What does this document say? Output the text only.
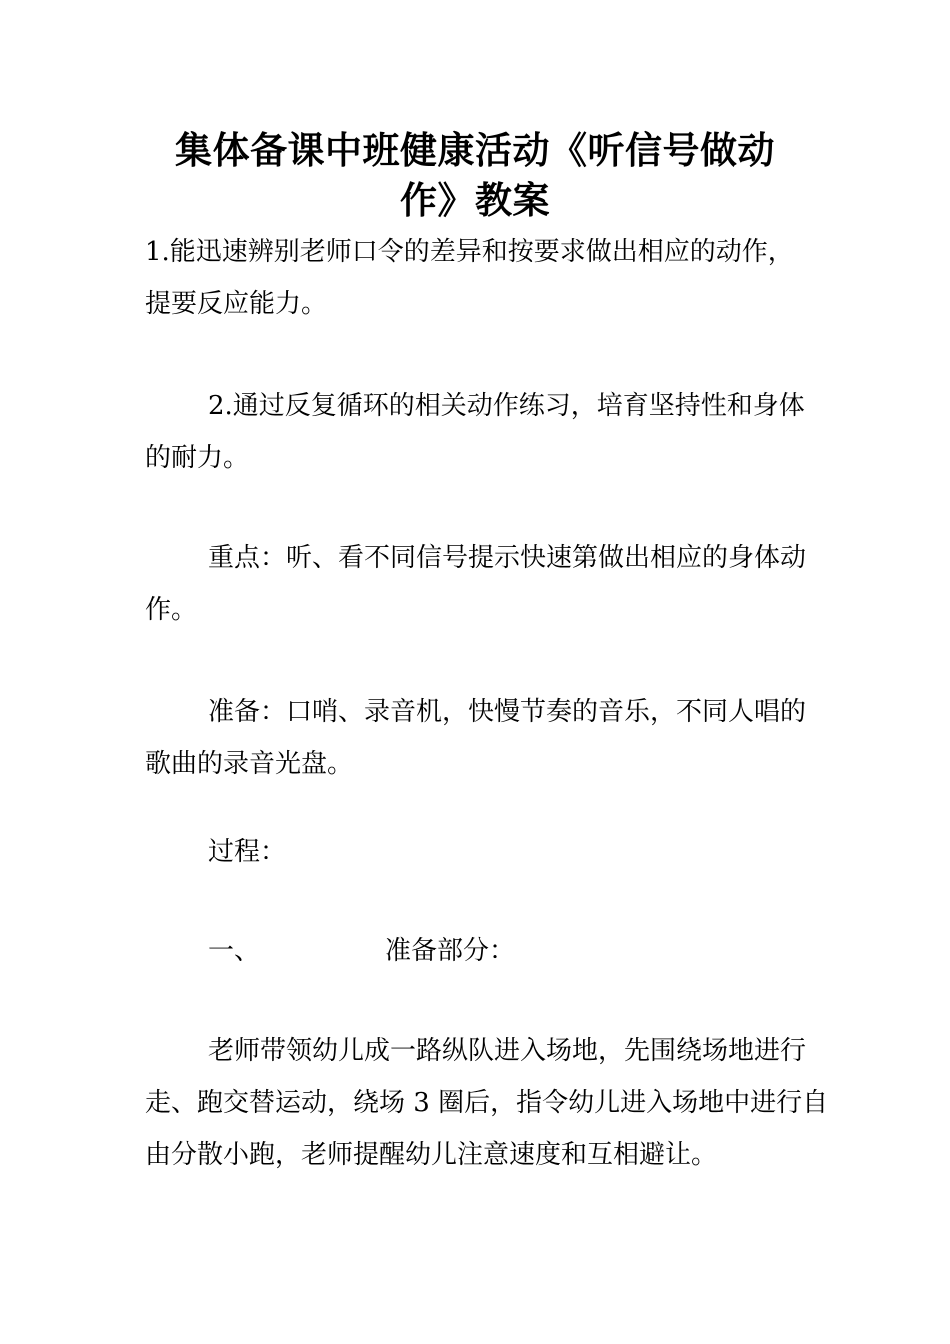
集体备课中班健康活动《听信号做动
作》教案

1.能迅速辨别老师口令的差异和按要求做出相应的动作，

提要反应能力。

2.通过反复循环的相关动作练习，培育坚持性和身体

的耐力。

重点：听、看不同信号提示快速第做出相应的身体动

作。

准备：口哨、录音机，快慢节奏的音乐，不同人唱的

歌曲的录音光盘。

过程：

一、	准备部分：

老师带领幼儿成一路纵队进入场地，先围绕场地进行

走、跑交替运动，绕场 3 圈后，指令幼儿进入场地中进行自

由分散小跑，老师提醒幼儿注意速度和互相避让。
